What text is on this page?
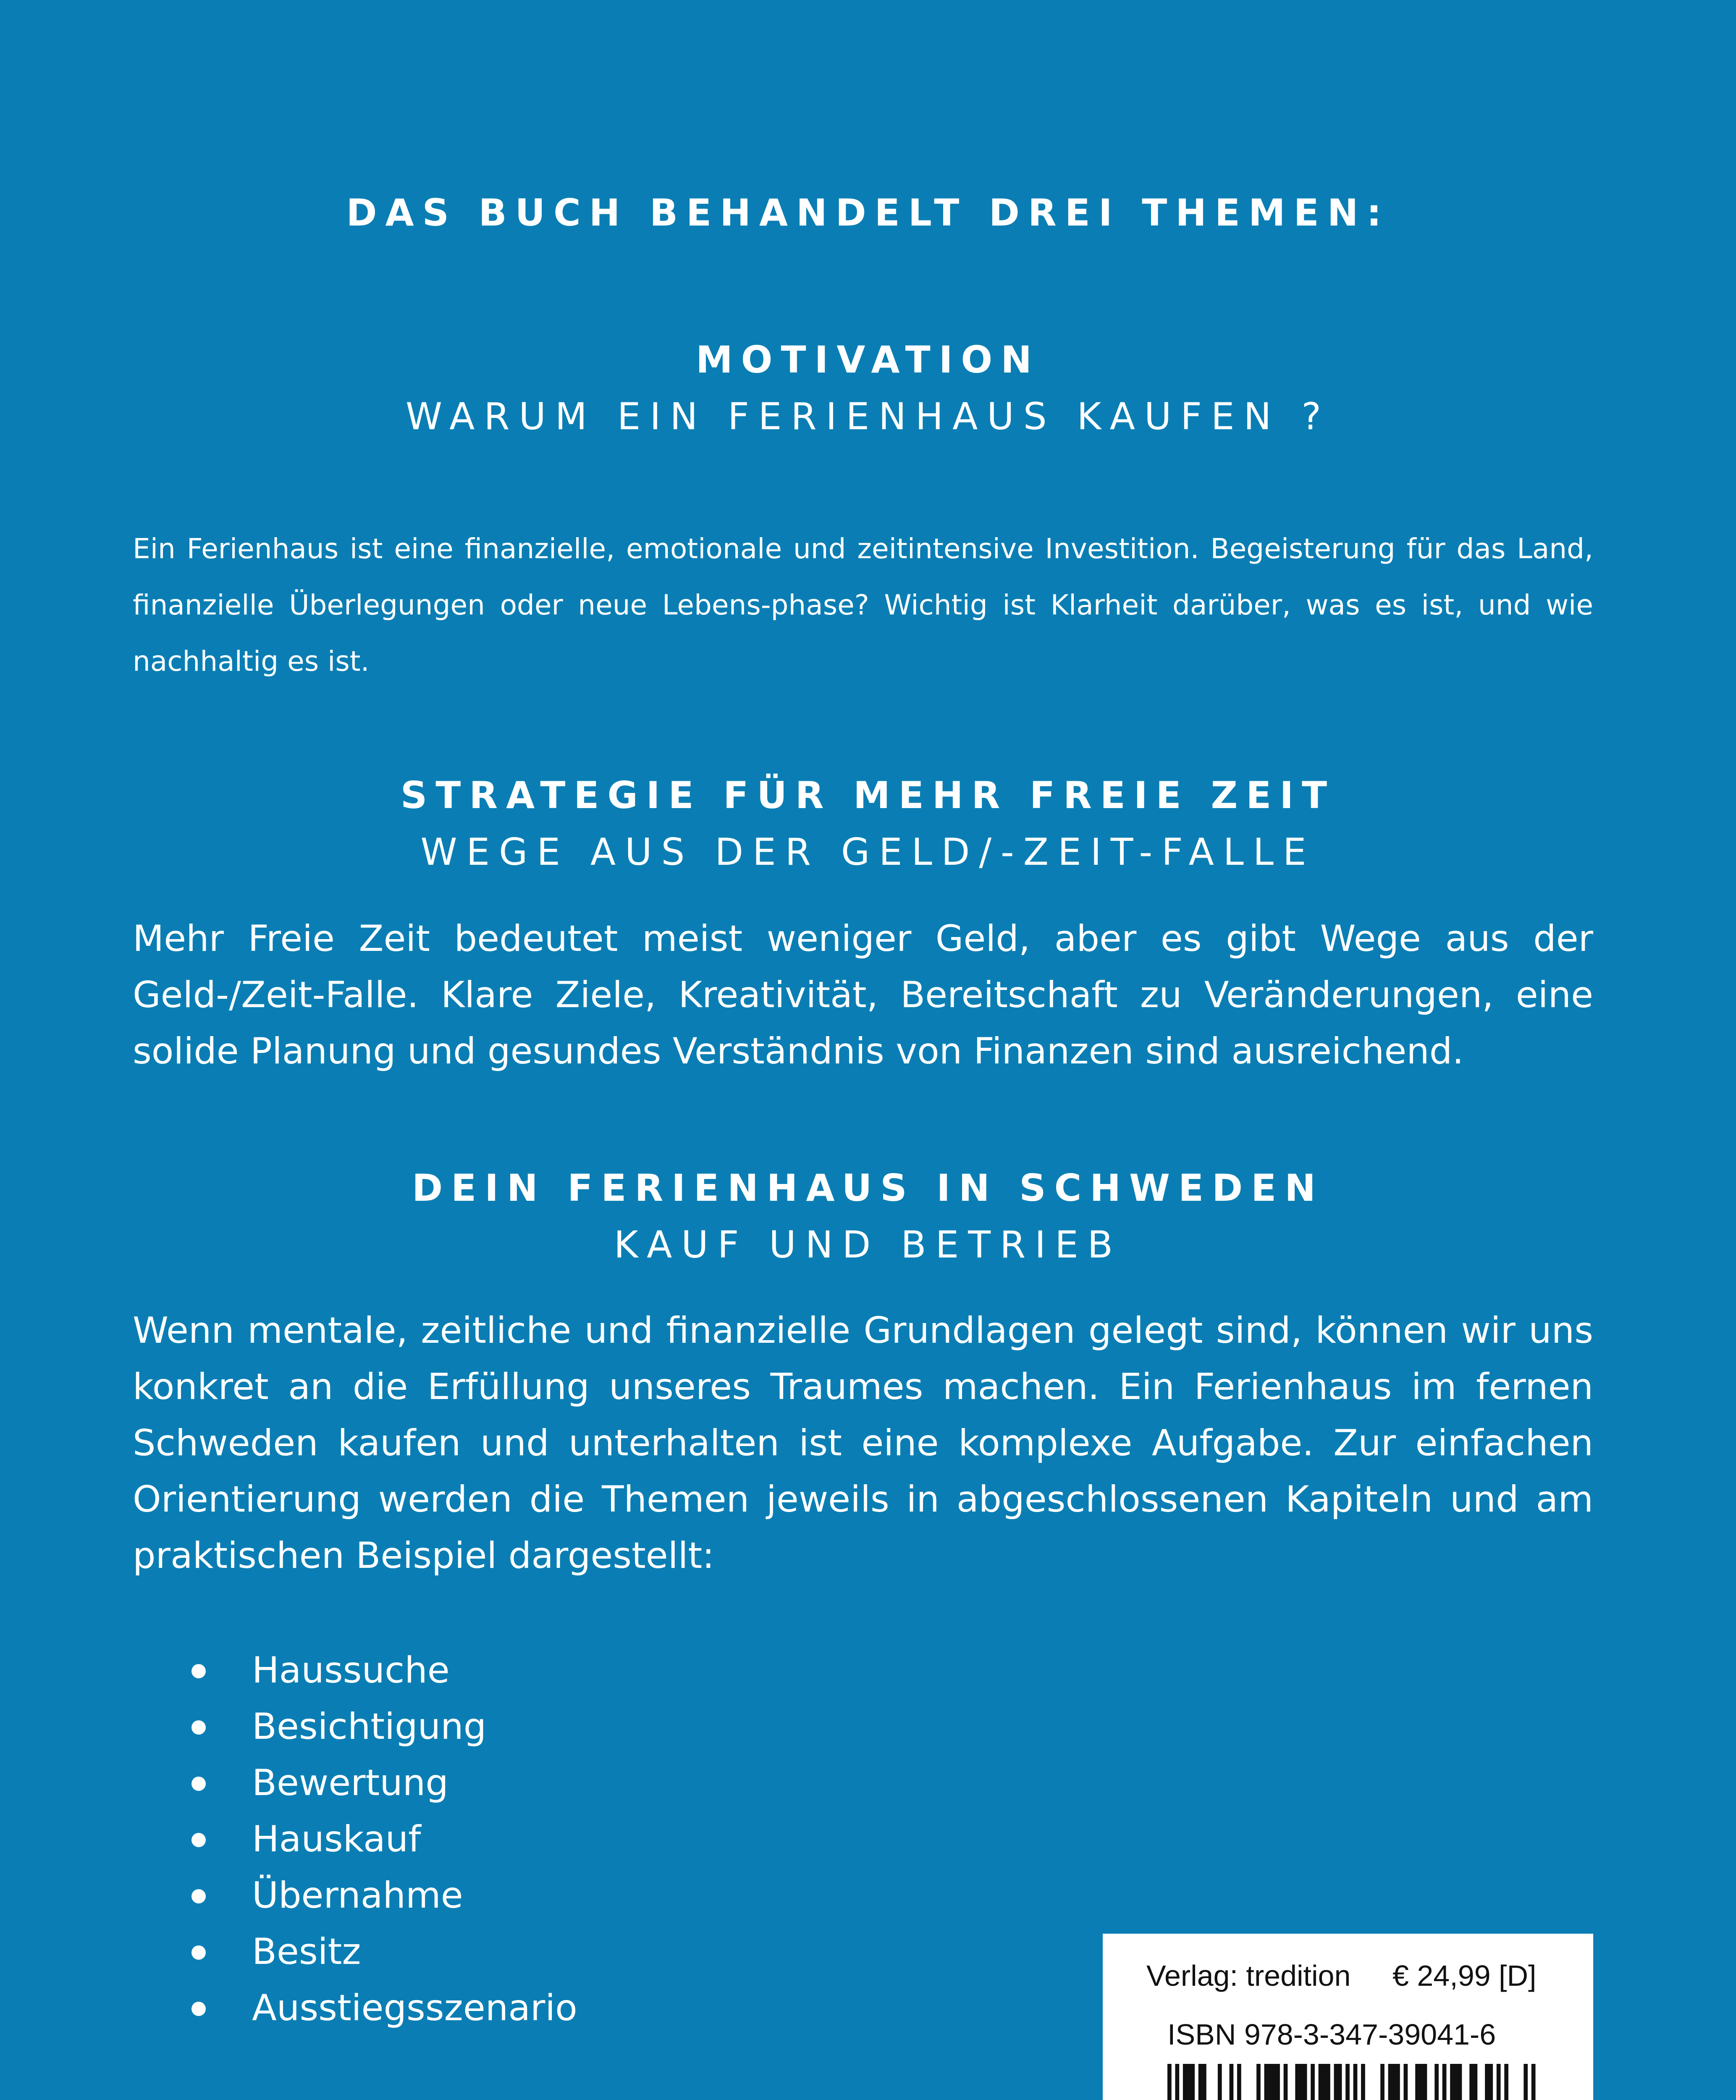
DAS BUCH BEHANDELT DREI THEMEN:
MOTIVATION
WARUM EIN FERIENHAUS KAUFEN ?
Ein Ferienhaus ist eine finanzielle, emotionale und zeitintensive Investition. Begeisterung für das Land, finanzielle Überlegungen oder neue Lebens-phase? Wichtig ist Klarheit darüber, was es ist, und wie nachhaltig es ist.
STRATEGIE FÜR MEHR FREIE ZEIT
WEGE AUS DER GELD/-ZEIT-FALLE
Mehr Freie Zeit bedeutet meist weniger Geld, aber es gibt Wege aus der Geld-/Zeit-Falle. Klare Ziele, Kreativität, Bereitschaft zu Veränderungen, eine solide Planung und gesundes Verständnis von Finanzen sind ausreichend.
DEIN FERIENHAUS IN SCHWEDEN
KAUF UND BETRIEB
Wenn mentale, zeitliche und finanzielle Grundlagen gelegt sind, können wir uns konkret an die Erfüllung unseres Traumes machen. Ein Ferienhaus im fernen Schweden kaufen und unterhalten ist eine komplexe Aufgabe. Zur einfachen Orientierung werden die Themen jeweils in abgeschlossenen Kapiteln und am praktischen Beispiel dargestellt:
Haussuche
Besichtigung
Bewertung
Hauskauf
Übernahme
Besitz
Ausstiegsszenario
Verlag: tredition € 24,99 [D]
ISBN 978-3-347-39041-6
